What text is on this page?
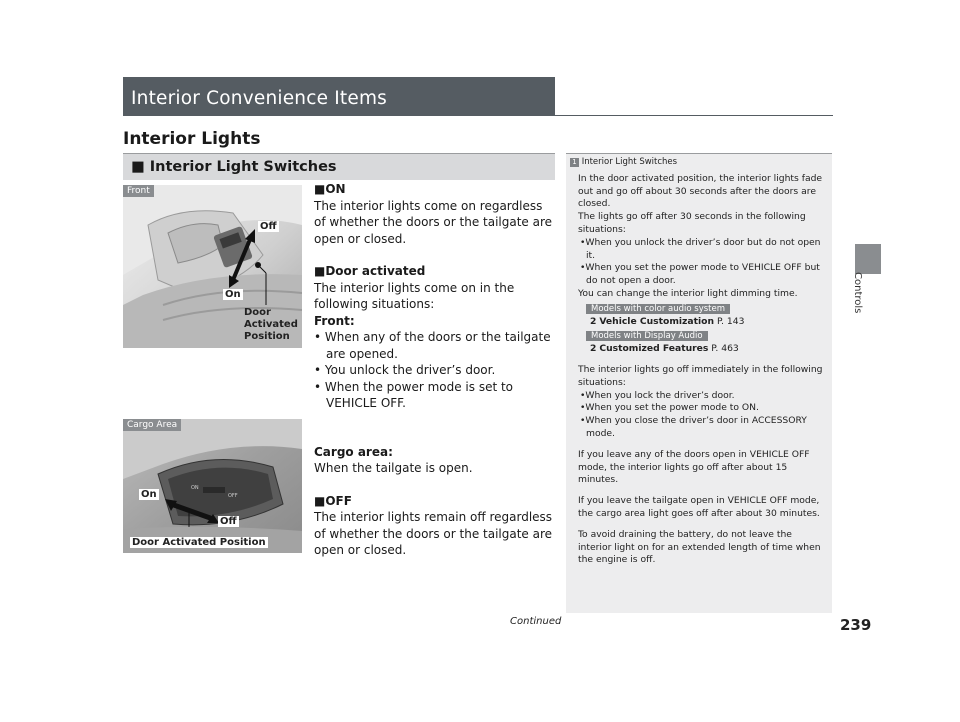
Interior Convenience Items
Interior Lights
■ Interior Light Switches
Front
Off
On
Door
Activated
Position
ON
OFF
Cargo Area
On
Off
Door Activated Position
■ON
The interior lights come on regardless of whether the doors or the tailgate are open or closed.
■Door activated
The interior lights come on in the following situations:
Front:
• When any of the doors or the tailgate are opened.
• You unlock the driver’s door.
• When the power mode is set to VEHICLE OFF.
Cargo area:
When the tailgate is open.
■OFF
The interior lights remain off regardless of whether the doors or the tailgate are open or closed.
1 Interior Light Switches
In the door activated position, the interior lights fade out and go off about 30 seconds after the doors are closed.
The lights go off after 30 seconds in the following situations:
•When you unlock the driver’s door but do not open it.
•When you set the power mode to VEHICLE OFF but do not open a door.
You can change the interior light dimming time.
Models with color audio system
2 Vehicle Customization P. 143
Models with Display Audio
2 Customized Features P. 463
The interior lights go off immediately in the following situations:
•When you lock the driver’s door.
•When you set the power mode to ON.
•When you close the driver’s door in ACCESSORY mode.
If you leave any of the doors open in VEHICLE OFF mode, the interior lights go off after about 15 minutes.
If you leave the tailgate open in VEHICLE OFF mode, the cargo area light goes off after about 30 minutes.
To avoid draining the battery, do not leave the interior light on for an extended length of time when the engine is off.
Controls
Continued	239
